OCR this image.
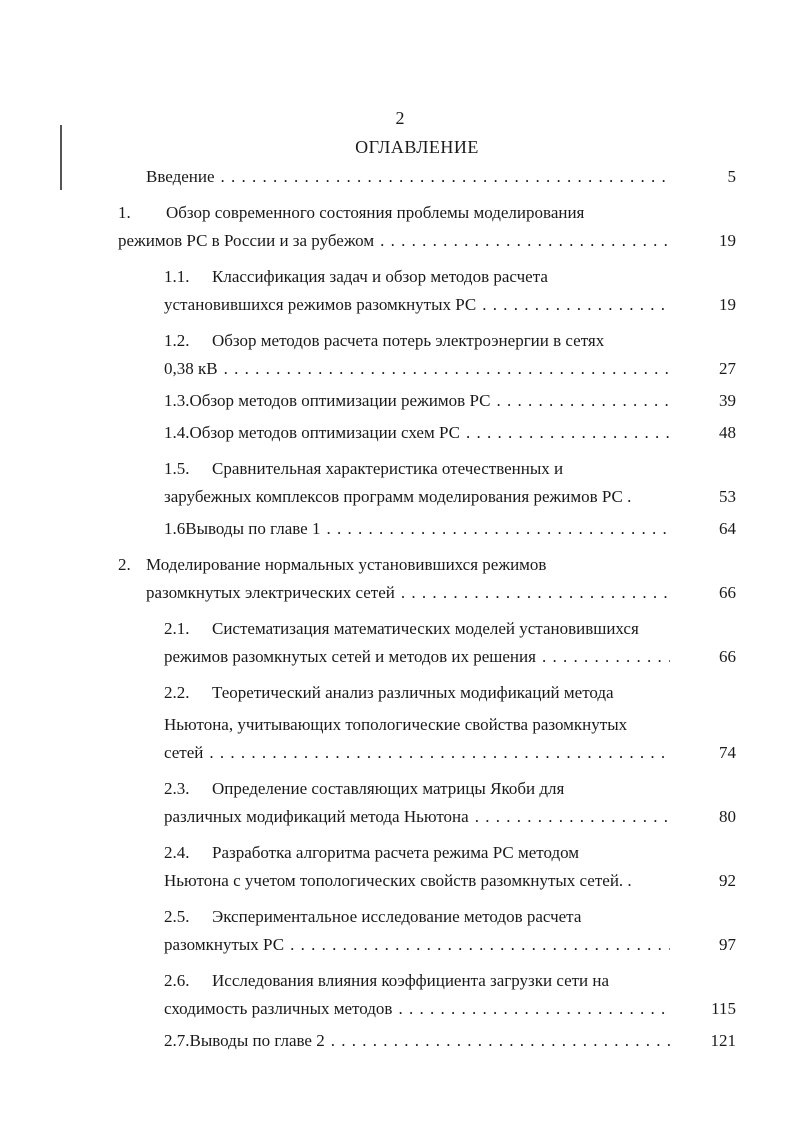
2
ОГЛАВЛЕНИЕ
Введение . . .	5
1. Обзор современного состояния проблемы моделирования
режимов РС в России и за рубежом . . .	19
1.1. Классификация задач и обзор методов расчета
установившихся режимов разомкнутых РС . . .	19
1.2. Обзор методов расчета потерь электроэнергии в сетях
0,38 кВ . . .	27
1.3. Обзор методов оптимизации режимов РС . . .	39
1.4. Обзор методов оптимизации схем РС . . .	48
1.5. Сравнительная характеристика отечественных и
зарубежных комплексов программ моделирования режимов РС .	53
1.6 Выводы по главе 1 . . .	64
2. Моделирование нормальных установившихся режимов
разомкнутых электрических сетей . . .	66
2.1. Систематизация математических моделей установившихся
режимов разомкнутых сетей и методов их решения . . .	66
2.2. Теоретический анализ различных модификаций метода
Ньютона, учитывающих топологические свойства разомкнутых
сетей . . .	74
2.3. Определение составляющих матрицы Якоби для
различных модификаций метода Ньютона . . .	80
2.4. Разработка алгоритма расчета режима РС методом
Ньютона с учетом топологических свойств разомкнутых сетей. .	92
2.5. Экспериментальное исследование методов расчета
разомкнутых РС . . .	97
2.6. Исследования влияния коэффициента загрузки сети на
сходимость различных методов . . .	115
2.7. Выводы по главе 2 . . .	121
